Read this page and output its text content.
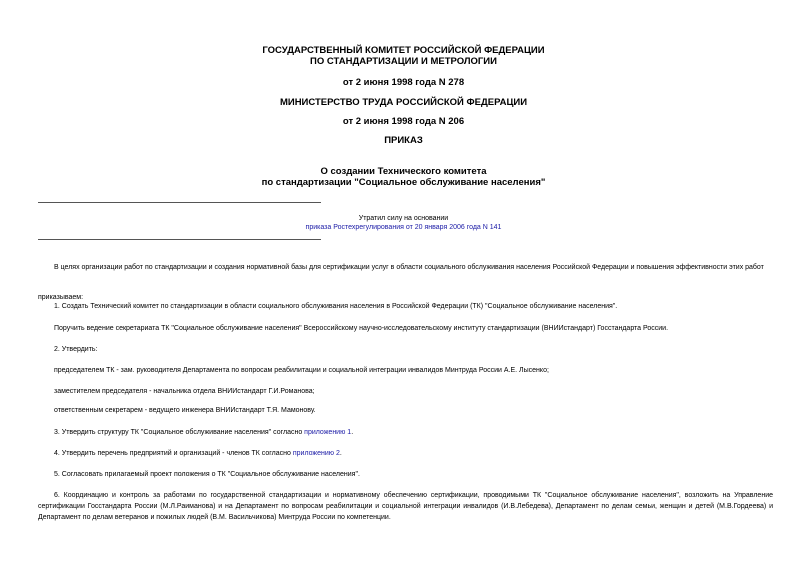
ГОСУДАРСТВЕННЫЙ КОМИТЕТ РОССИЙСКОЙ ФЕДЕРАЦИИ
ПО СТАНДАРТИЗАЦИИ И МЕТРОЛОГИИ
от 2 июня 1998 года N 278
МИНИСТЕРСТВО ТРУДА РОССИЙСКОЙ ФЕДЕРАЦИИ
от 2 июня 1998 года N 206
ПРИКАЗ
О создании Технического комитета
по стандартизации "Социальное обслуживание населения"
Утратил силу на основании
приказа Ростехрегулирования от 20 января 2006 года N 141
В целях организации работ по стандартизации и создания нормативной базы для сертификации услуг в области социального обслуживания населения Российской Федерации и повышения эффективности этих работ
приказываем:
1. Создать Технический комитет по стандартизации в области социального обслуживания населения в Российской Федерации (ТК) "Социальное обслуживание населения".
Поручить ведение секретариата ТК "Социальное обслуживание населения" Всероссийскому научно-исследовательскому институту стандартизации (ВНИИстандарт) Госстандарта России.
2. Утвердить:
председателем ТК - зам. руководителя Департамента по вопросам реабилитации и социальной интеграции инвалидов Минтруда России А.Е. Лысенко;
заместителем председателя - начальника отдела ВНИИстандарт Г.И.Романова;
ответственным секретарем - ведущего инженера ВНИИстандарт Т.Я. Мамонову.
3. Утвердить структуру ТК "Социальное обслуживание населения" согласно приложению 1.
4. Утвердить перечень предприятий и организаций - членов ТК согласно приложению 2.
5. Согласовать прилагаемый проект положения о ТК "Социальное обслуживание населения".
6. Координацию и контроль за работами по государственной стандартизации и нормативному обеспечению сертификации, проводимыми ТК "Социальное обслуживание населения", возложить на Управление сертификации Госстандарта России (М.Л.Раиманова) и на Департамент по вопросам реабилитации и социальной интеграции инвалидов (И.В.Лебедева), Департамент по делам семьи, женщин и детей (М.В.Гордеева) и Департамент по делам ветеранов и пожилых людей (В.М. Васильчикова) Минтруда России по компетенции.
